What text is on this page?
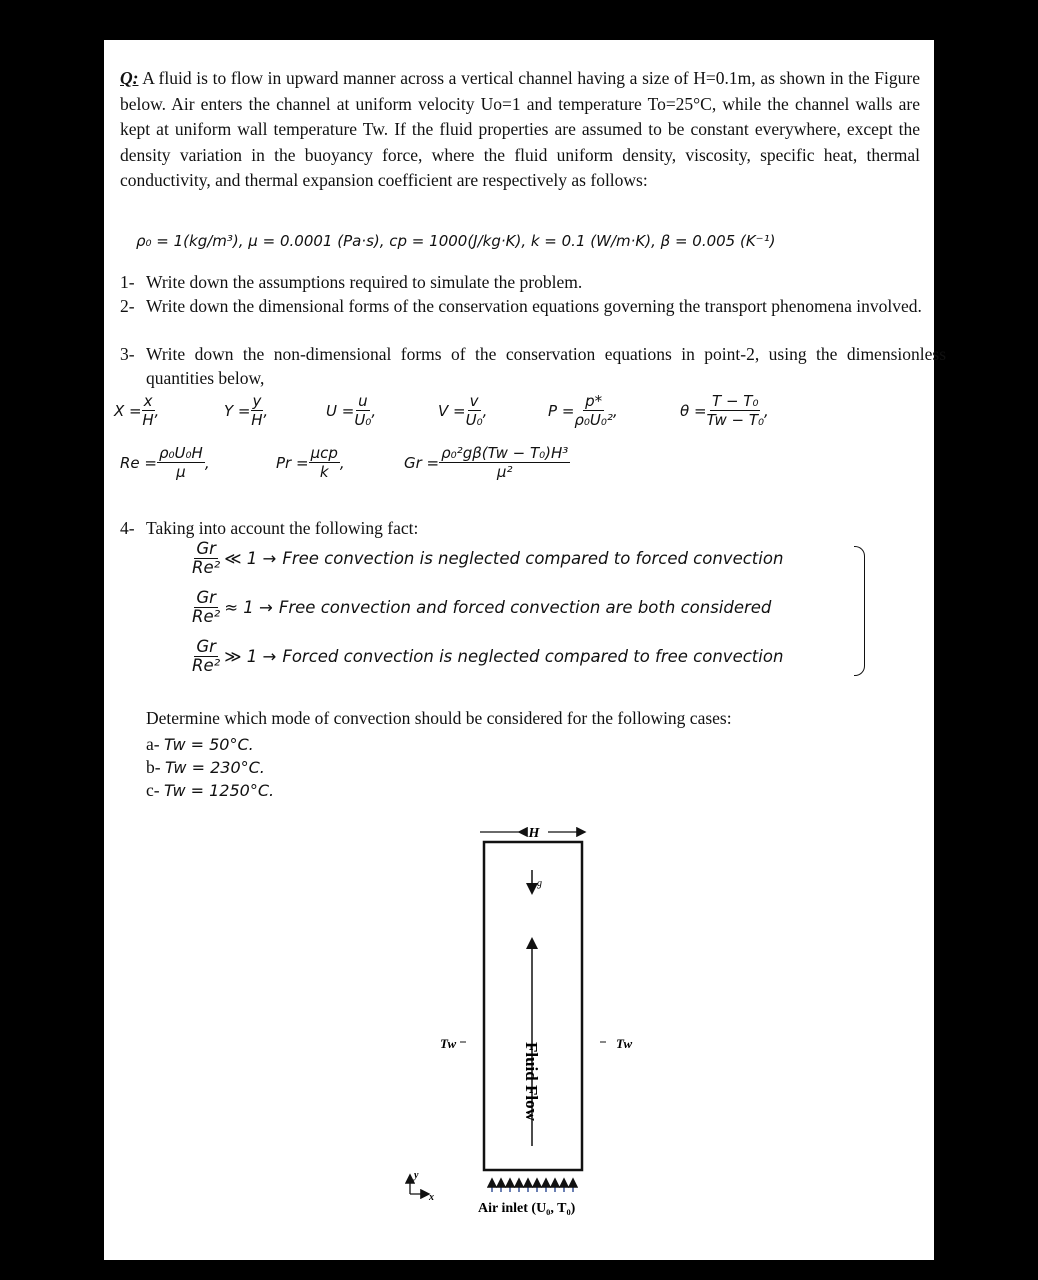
Q: A fluid is to flow in upward manner across a vertical channel having a size of H=0.1m, as shown in the Figure below. Air enters the channel at uniform velocity Uo=1 and temperature To=25°C, while the channel walls are kept at uniform wall temperature Tw. If the fluid properties are assumed to be constant everywhere, except the density variation in the buoyancy force, where the fluid uniform density, viscosity, specific heat, thermal conductivity, and thermal expansion coefficient are respectively as follows:
ρ₀ = 1(kg/m³), μ = 0.0001 (Pa·s), cp = 1000(J/kg·K), k = 0.1 (W/m·K), β = 0.005 (K⁻¹)
1- Write down the assumptions required to simulate the problem.
2- Write down the dimensional forms of the conservation equations governing the transport phenomena involved.
3- Write down the non-dimensional forms of the conservation equations in point-2, using the dimensionless quantities below,
$X = \frac{x}{H}$ ,	$Y = \frac{y}{H}$ ,	$U = \frac{u}{\text{U₀}}$ ,	$V = \frac{v}{\text{U₀}}$ ,	$P = \frac{p*}{\text{ρ₀U₀²}}$ ,	$\theta = \frac{\text{T − T₀}}{\text{Tw − T₀}}$ ,
$Re = \frac{\text{ρ₀U₀H}}{\mu}$ ,	$Pr = \frac{\text{μcp}}{k}$ ,	$Gr = \frac{\text{ρ₀²gβ(Tw − T₀)H³}}{\text{μ²}}$
4- Taking into account the following fact:
$\frac{Gr}{\text{Re²}}$ ≪ 1 → Free convection is neglected compared to forced convection
$\frac{Gr}{\text{Re²}} \approx 1$ → Free convection and forced convection are both considered
$\frac{Gr}{\text{Re²}}$ ≫ 1 → Forced convection is neglected compared to free convection
Determine which mode of convection should be considered for the following cases:
a- Tw = 50°C.
b- Tw = 230°C.
c- Tw = 1250°C.
H
g
Fluid Flow
Tw	Tw
y
x
Air inlet (U₀, T₀)
